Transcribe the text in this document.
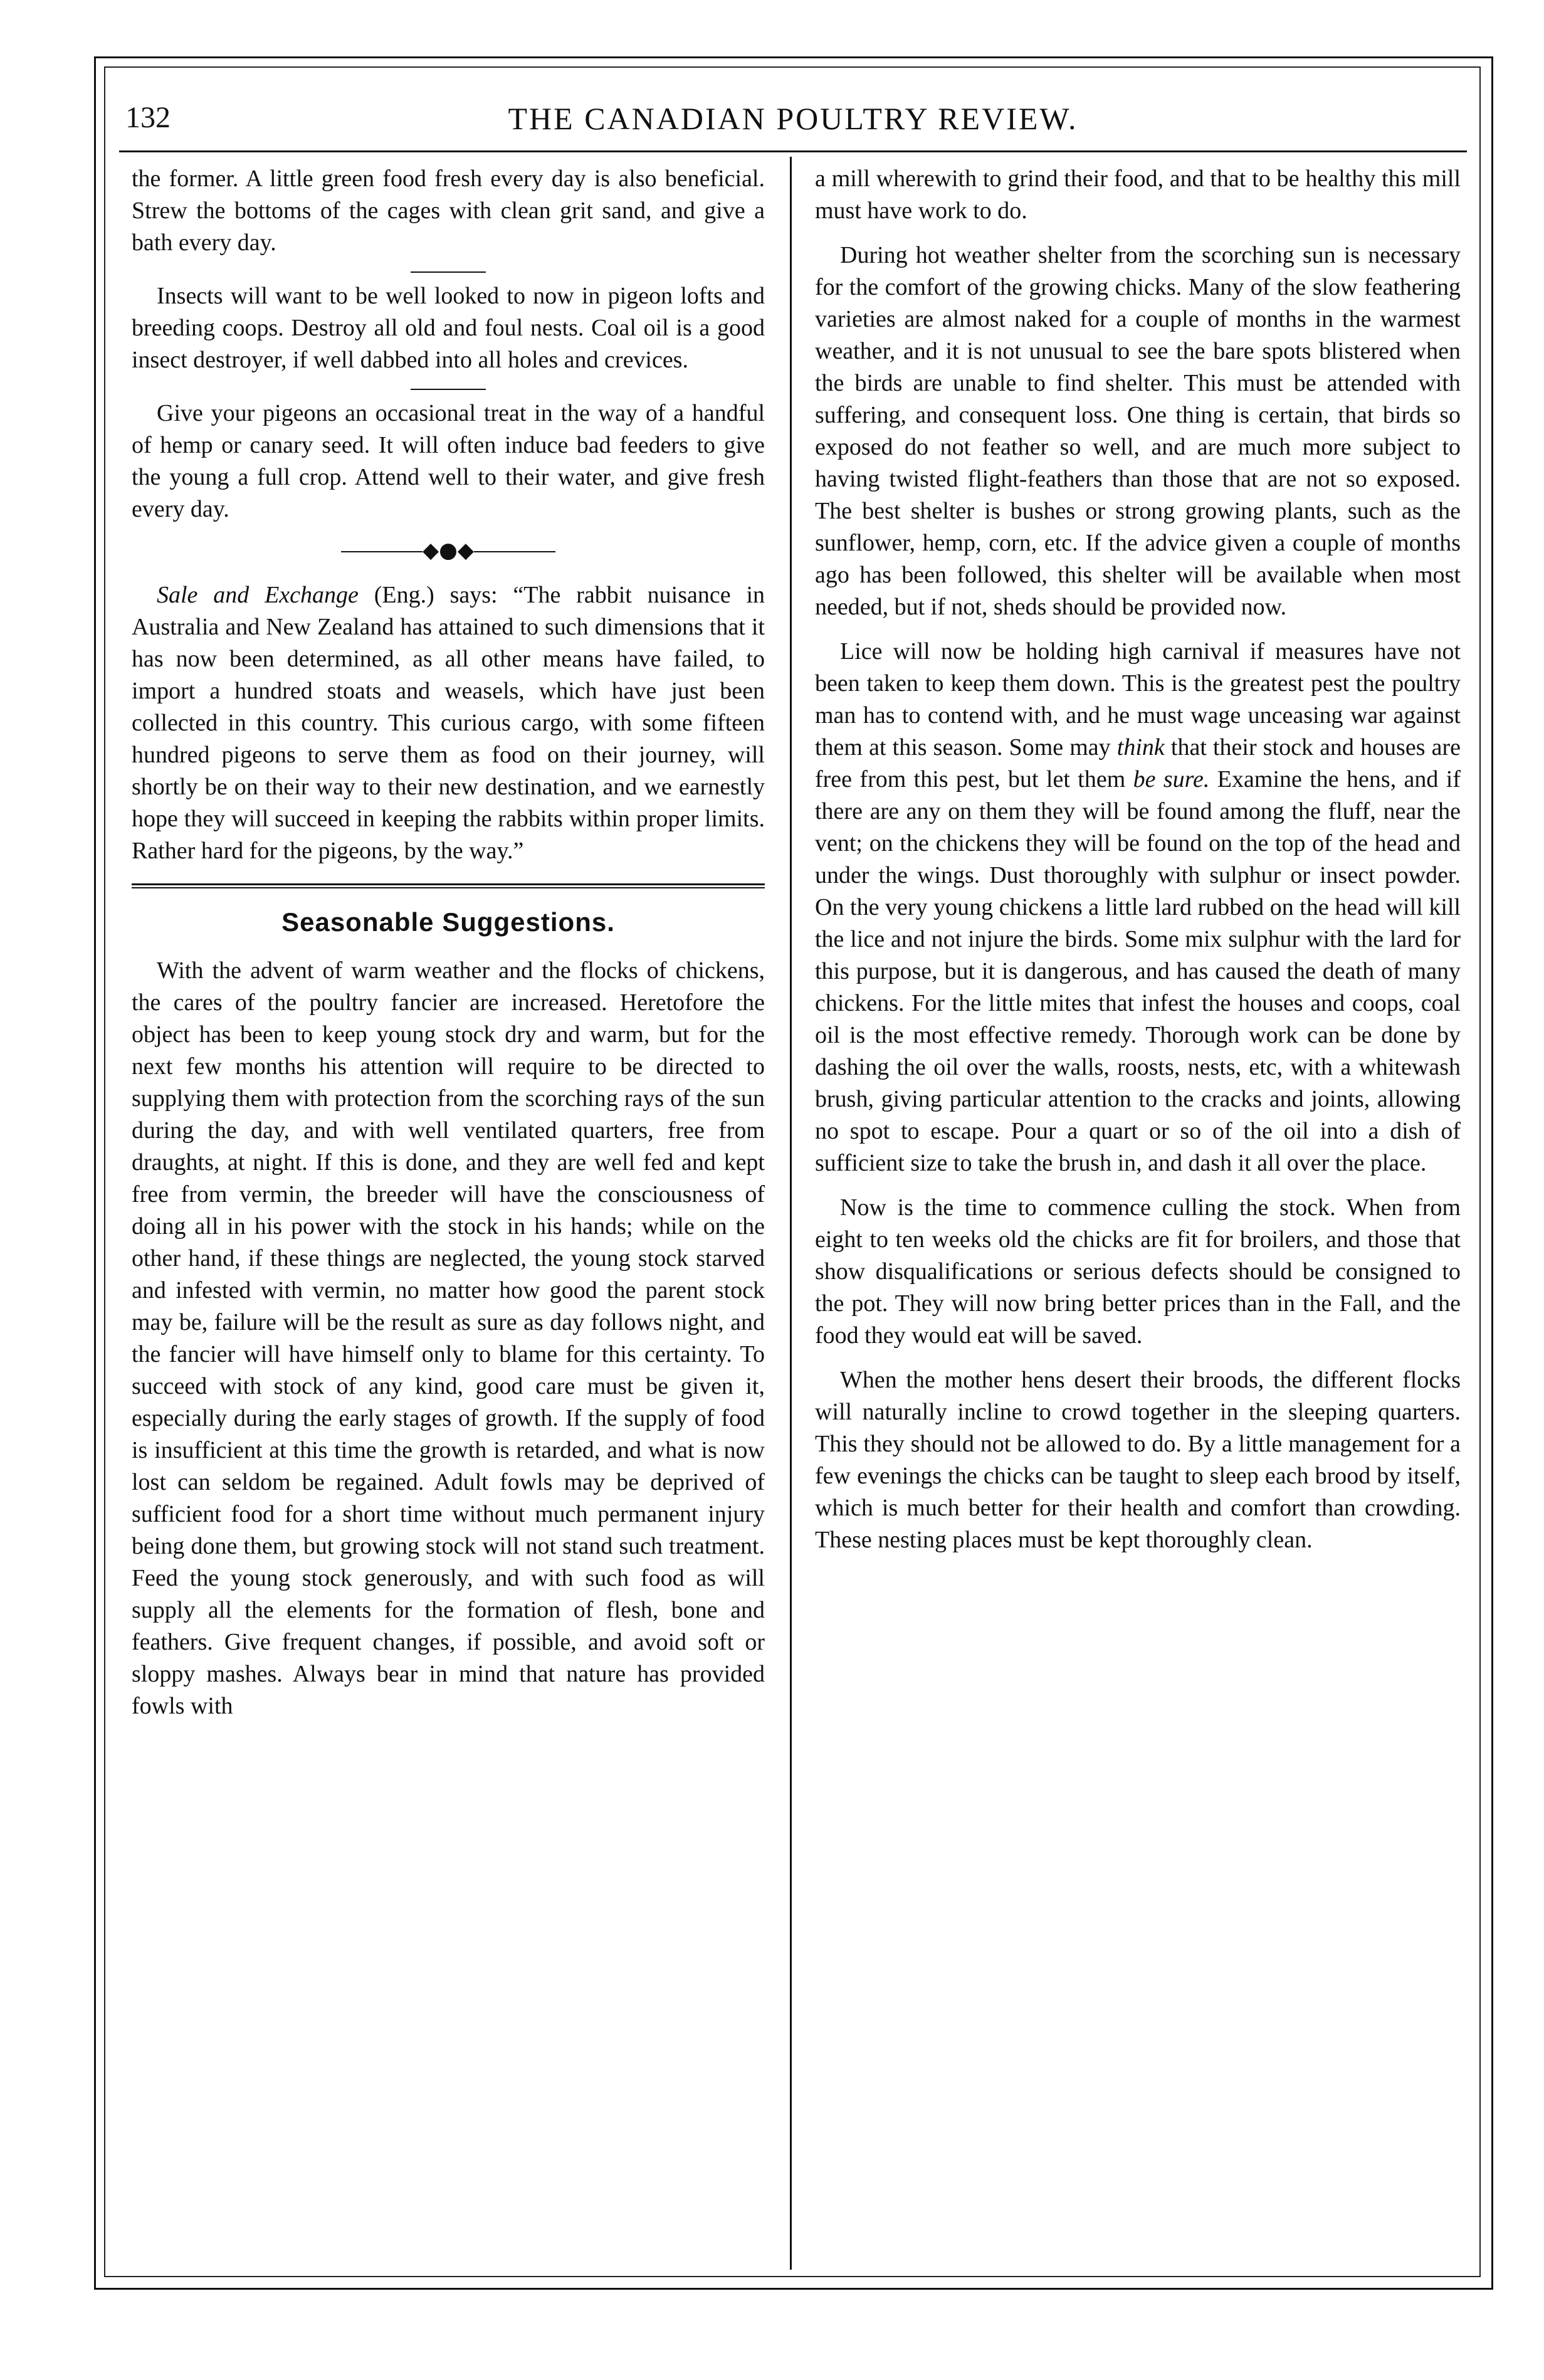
132	THE CANADIAN POULTRY REVIEW.

the former. A little green food fresh every day is also beneficial. Strew the bottoms of the cages with clean grit sand, and give a bath every day.

Insects will want to be well looked to now in pigeon lofts and breeding coops. Destroy all old and foul nests. Coal oil is a good insect destroyer, if well dabbed into all holes and crevices.

Give your pigeons an occasional treat in the way of a handful of hemp or canary seed. It will often induce bad feeders to give the young a full crop. Attend well to their water, and give fresh every day.

◆●◆

Sale and Exchange (Eng.) says: “The rabbit nuisance in Australia and New Zealand has attained to such dimensions that it has now been determined, as all other means have failed, to import a hundred stoats and weasels, which have just been collected in this country. This curious cargo, with some fifteen hundred pigeons to serve them as food on their journey, will shortly be on their way to their new destination, and we earnestly hope they will succeed in keeping the rabbits within proper limits. Rather hard for the pigeons, by the way.”

Seasonable Suggestions.

With the advent of warm weather and the flocks of chickens, the cares of the poultry fancier are increased. Heretofore the object has been to keep young stock dry and warm, but for the next few months his attention will require to be directed to supplying them with protection from the scorching rays of the sun during the day, and with well ventilated quarters, free from draughts, at night. If this is done, and they are well fed and kept free from vermin, the breeder will have the consciousness of doing all in his power with the stock in his hands; while on the other hand, if these things are neglected, the young stock starved and infested with vermin, no matter how good the parent stock may be, failure will be the result as sure as day follows night, and the fancier will have himself only to blame for this certainty. To succeed with stock of any kind, good care must be given it, especially during the early stages of growth. If the supply of food is insufficient at this time the growth is retarded, and what is now lost can seldom be regained. Adult fowls may be deprived of sufficient food for a short time without much permanent injury being done them, but growing stock will not stand such treatment. Feed the young stock generously, and with such food as will supply all the elements for the formation of flesh, bone and feathers. Give frequent changes, if possible, and avoid soft or sloppy mashes. Always bear in mind that nature has provided fowls with

a mill wherewith to grind their food, and that to be healthy this mill must have work to do.

During hot weather shelter from the scorching sun is necessary for the comfort of the growing chicks. Many of the slow feathering varieties are almost naked for a couple of months in the warmest weather, and it is not unusual to see the bare spots blistered when the birds are unable to find shelter. This must be attended with suffering, and consequent loss. One thing is certain, that birds so exposed do not feather so well, and are much more subject to having twisted flight-feathers than those that are not so exposed. The best shelter is bushes or strong growing plants, such as the sunflower, hemp, corn, etc. If the advice given a couple of months ago has been followed, this shelter will be available when most needed, but if not, sheds should be provided now.

Lice will now be holding high carnival if measures have not been taken to keep them down. This is the greatest pest the poultry man has to contend with, and he must wage unceasing war against them at this season. Some may think that their stock and houses are free from this pest, but let them be sure. Examine the hens, and if there are any on them they will be found among the fluff, near the vent; on the chickens they will be found on the top of the head and under the wings. Dust thoroughly with sulphur or insect powder. On the very young chickens a little lard rubbed on the head will kill the lice and not injure the birds. Some mix sulphur with the lard for this purpose, but it is dangerous, and has caused the death of many chickens. For the little mites that infest the houses and coops, coal oil is the most effective remedy. Thorough work can be done by dashing the oil over the walls, roosts, nests, etc, with a whitewash brush, giving particular attention to the cracks and joints, allowing no spot to escape. Pour a quart or so of the oil into a dish of sufficient size to take the brush in, and dash it all over the place.

Now is the time to commence culling the stock. When from eight to ten weeks old the chicks are fit for broilers, and those that show disqualifications or serious defects should be consigned to the pot. They will now bring better prices than in the Fall, and the food they would eat will be saved.

When the mother hens desert their broods, the different flocks will naturally incline to crowd together in the sleeping quarters. This they should not be allowed to do. By a little management for a few evenings the chicks can be taught to sleep each brood by itself, which is much better for their health and comfort than crowding. These nesting places must be kept thoroughly clean.
